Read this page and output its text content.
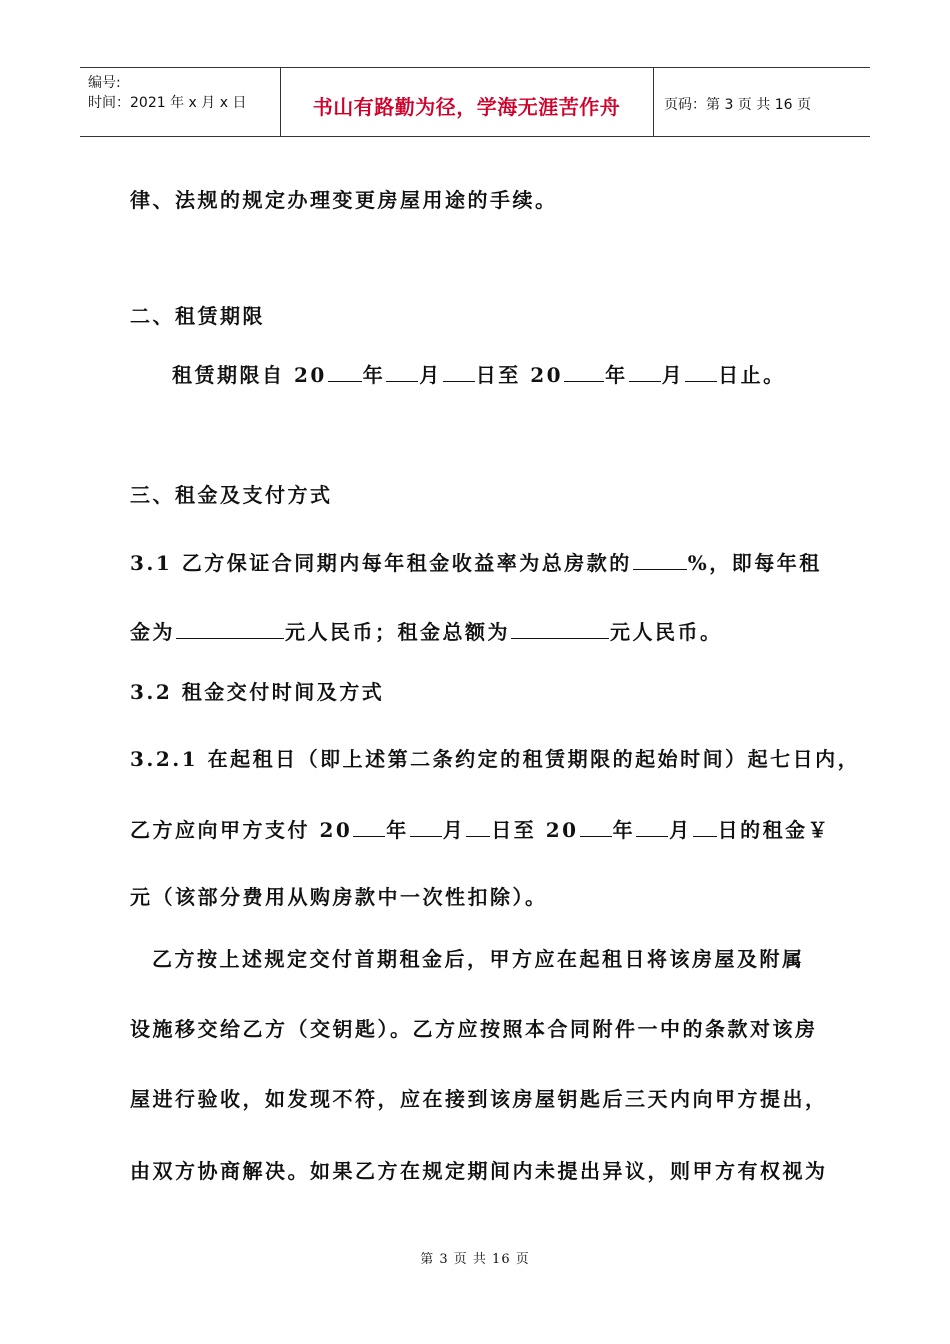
编号:
时间：2021 年 x 月 x 日	书山有路勤为径，学海无涯苦作舟	页码：第 3 页 共 16 页
律、法规的规定办理变更房屋用途的手续。
二、租赁期限
租赁期限自 20 年 月 日至 20 年 月 日止。
三、租金及支付方式
3.1 乙方保证合同期内每年租金收益率为总房款的	%，即每年租
金为	元人民币；租金总额为	元人民币。
3.2 租金交付时间及方式
3.2.1 在起租日（即上述第二条约定的租赁期限的起始时间）起七日内，
乙方应向甲方支付 20 年 月 日至 20 年 月 日的租金￥
元（该部分费用从购房款中一次性扣除）。
乙方按上述规定交付首期租金后，甲方应在起租日将该房屋及附属
设施移交给乙方（交钥匙）。乙方应按照本合同附件一中的条款对该房
屋进行验收，如发现不符，应在接到该房屋钥匙后三天内向甲方提出，
由双方协商解决。如果乙方在规定期间内未提出异议，则甲方有权视为
第 3 页 共 16 页
